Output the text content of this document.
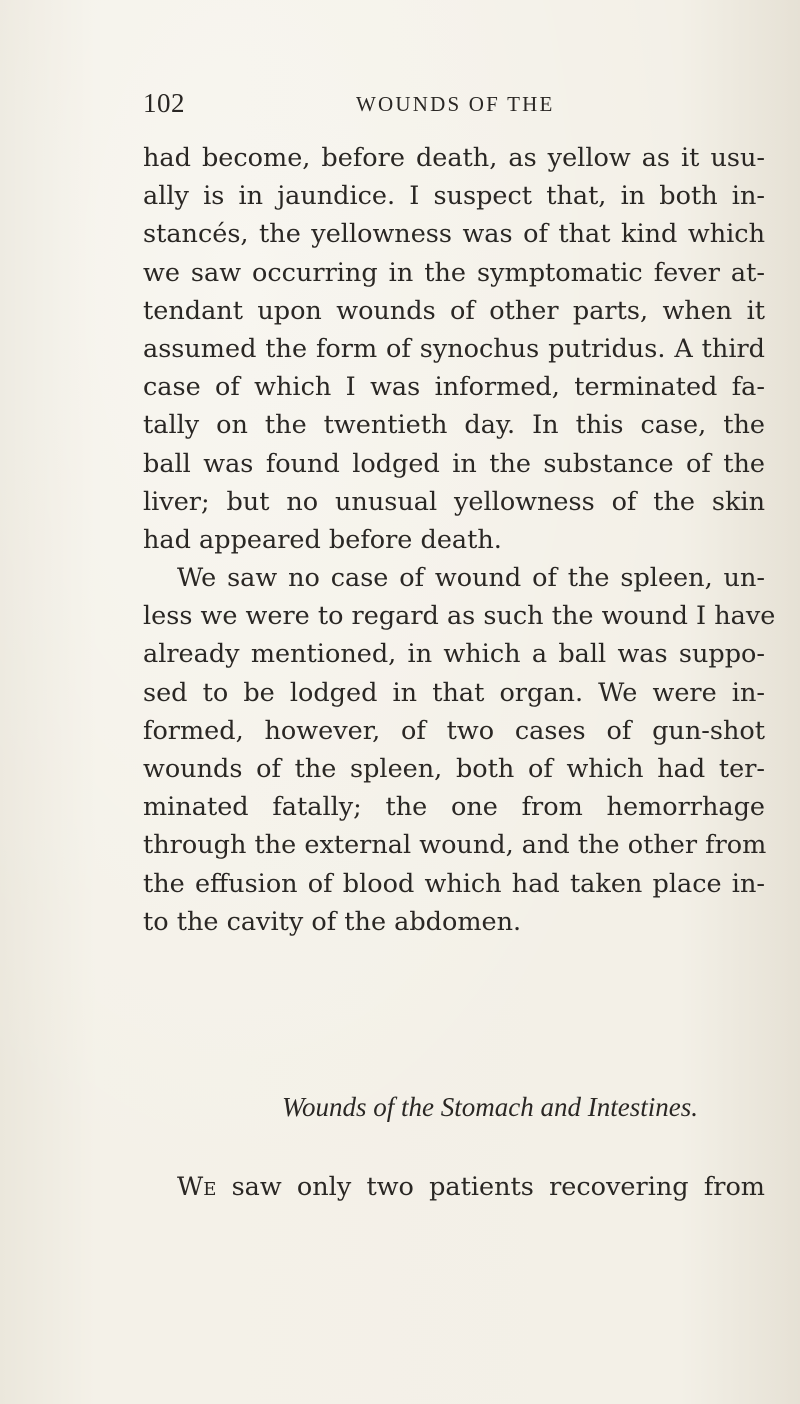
102	WOUNDS OF THE
had become, before death, as yellow as it usu-
ally is in jaundice. I suspect that, in both in-
stancés, the yellowness was of that kind which
we saw occurring in the symptomatic fever at-
tendant upon wounds of other parts, when it
assumed the form of synochus putridus. A third
case of which I was informed, terminated fa-
tally on the twentieth day. In this case, the
ball was found lodged in the substance of the
liver; but no unusual yellowness of the skin
had appeared before death.
We saw no case of wound of the spleen, un-
less we were to regard as such the wound I have
already mentioned, in which a ball was suppo-
sed to be lodged in that organ. We were in-
formed, however, of two cases of gun-shot
wounds of the spleen, both of which had ter-
minated fatally; the one from hemorrhage
through the external wound, and the other from
the effusion of blood which had taken place in-
to the cavity of the abdomen.
Wounds of the Stomach and Intestines.
We saw only two patients recovering from
